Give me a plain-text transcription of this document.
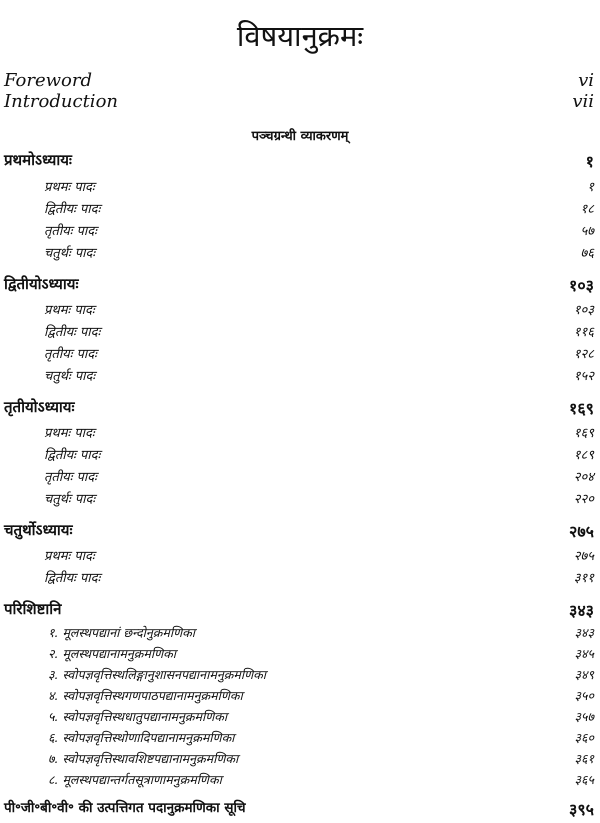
विषयानुक्रमः
Foreword	vi
Introduction	vii
पञ्चग्रन्थी व्याकरणम्
प्रथमोऽध्यायः	१
प्रथमः पादः	१
द्वितीयः पादः	१८
तृतीयः पादः	५७
चतुर्थः पादः	७६
द्वितीयोऽध्यायः	१०३
प्रथमः पादः	१०३
द्वितीयः पादः	११६
तृतीयः पादः	१२८
चतुर्थः पादः	१५२
तृतीयोऽध्यायः	१६९
प्रथमः पादः	१६९
द्वितीयः पादः	१८९
तृतीयः पादः	२०४
चतुर्थः पादः	२२०
चतुर्थोऽध्यायः	२७५
प्रथमः पादः	२७५
द्वितीयः पादः	३११
परिशिष्टानि	३४३
१. मूलस्थपद्यानां छन्दोनुक्रमणिका	३४३
२. मूलस्थपद्यानामनुक्रमणिका	३४५
३. स्वोपज्ञवृत्तिस्थलिङ्गानुशासनपद्यानामनुक्रमणिका	३४९
४. स्वोपज्ञवृत्तिस्थगणपाठपद्यानामनुक्रमणिका	३५०
५. स्वोपज्ञवृत्तिस्थधातुपद्यानामनुक्रमणिका	३५७
६. स्वोपज्ञवृत्तिस्थोणादिपद्यानामनुक्रमणिका	३६०
७. स्वोपज्ञवृत्तिस्थावशिष्टपद्यानामनुक्रमणिका	३६१
८. मूलस्थपद्यान्तर्गतसूत्राणामनुक्रमणिका	३६५
पी॰जी॰बी॰वी॰ की उत्पत्तिगत पदानुक्रमणिका सूचि	३९५
